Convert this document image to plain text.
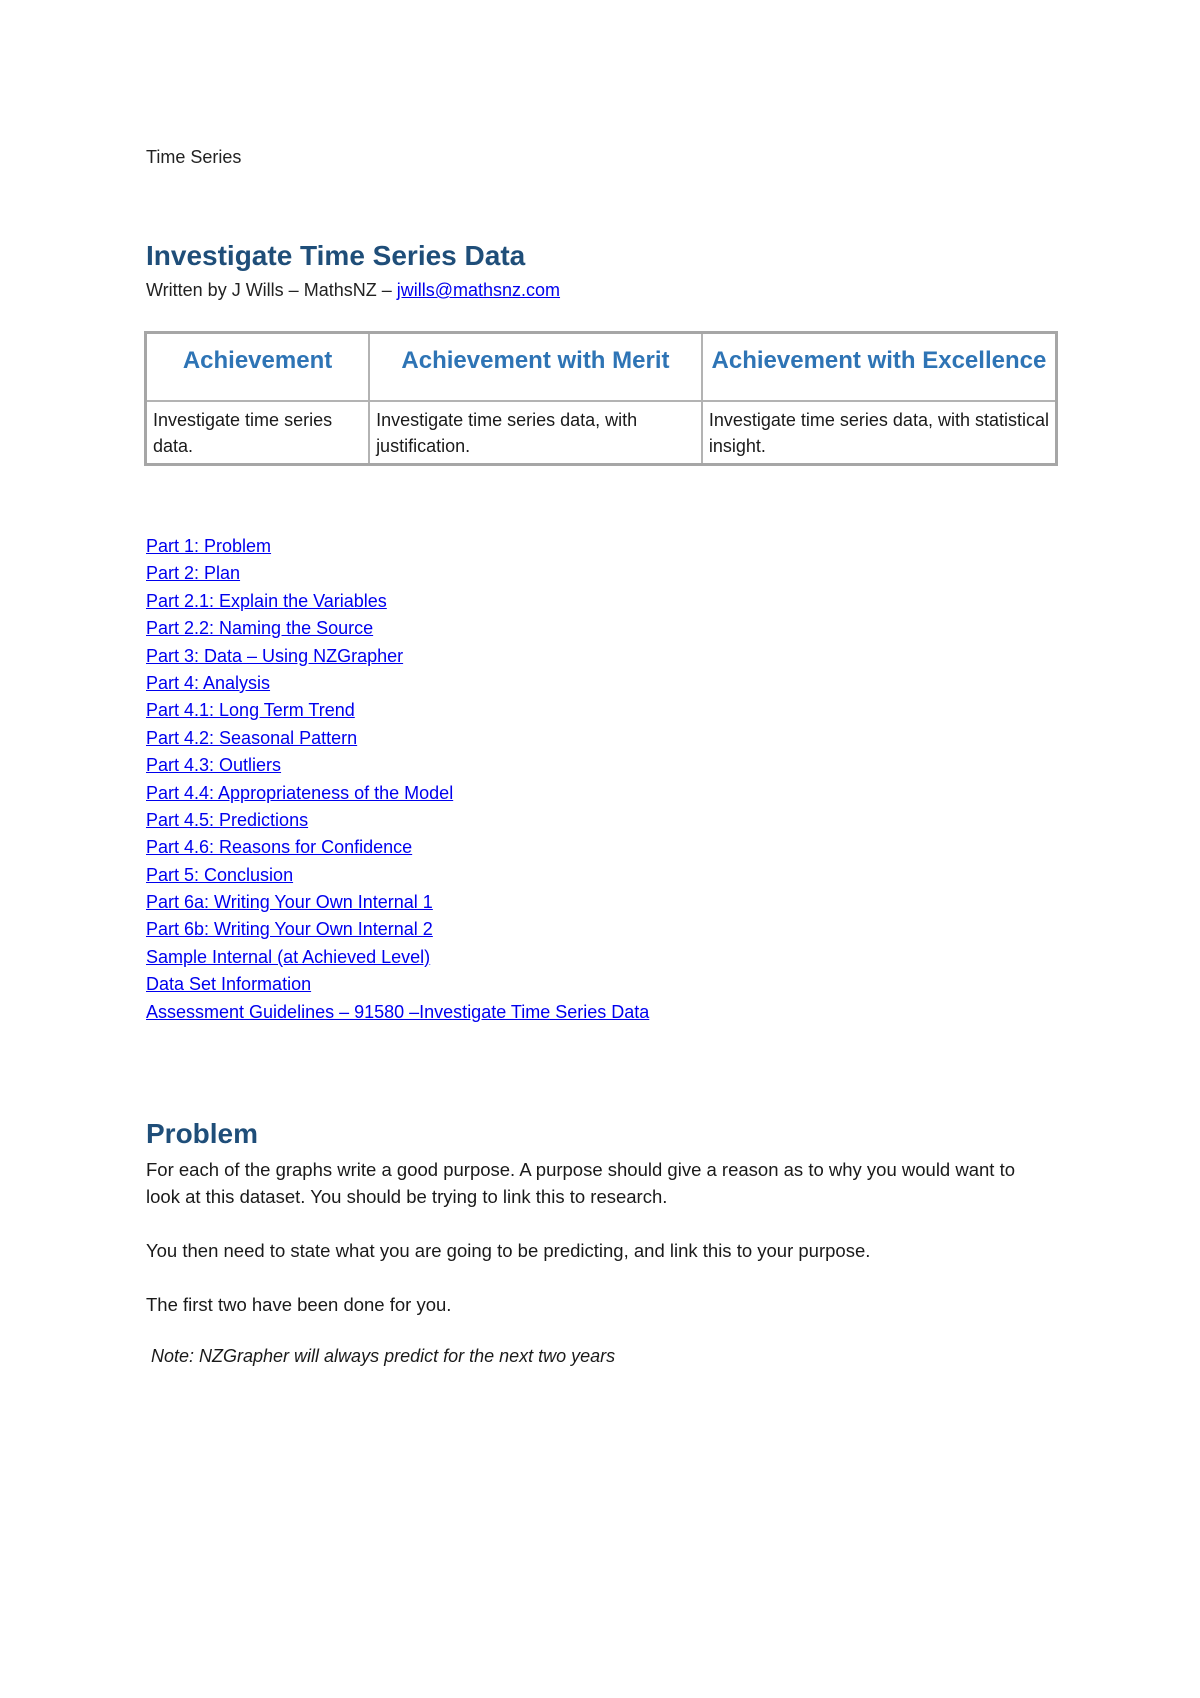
Time Series
Investigate Time Series Data
Written by J Wills – MathsNZ – jwills@mathsnz.com
Achievement	Achievement with Merit	Achievement with Excellence
Investigate time series data.	Investigate time series data, with justification.	Investigate time series data, with statistical insight.
Part 1: Problem
Part 2: Plan
Part 2.1: Explain the Variables
Part 2.2: Naming the Source
Part 3: Data – Using NZGrapher
Part 4: Analysis
Part 4.1: Long Term Trend
Part 4.2: Seasonal Pattern
Part 4.3: Outliers
Part 4.4: Appropriateness of the Model
Part 4.5: Predictions
Part 4.6: Reasons for Confidence
Part 5: Conclusion
Part 6a: Writing Your Own Internal 1
Part 6b: Writing Your Own Internal 2
Sample Internal (at Achieved Level)
Data Set Information
Assessment Guidelines – 91580 –Investigate Time Series Data
Problem

For each of the graphs write a good purpose. A purpose should give a reason as to why you would want to look at this dataset. You should be trying to link this to research.

You then need to state what you are going to be predicting, and link this to your purpose.

The first two have been done for you.

Note: NZGrapher will always predict for the next two years
